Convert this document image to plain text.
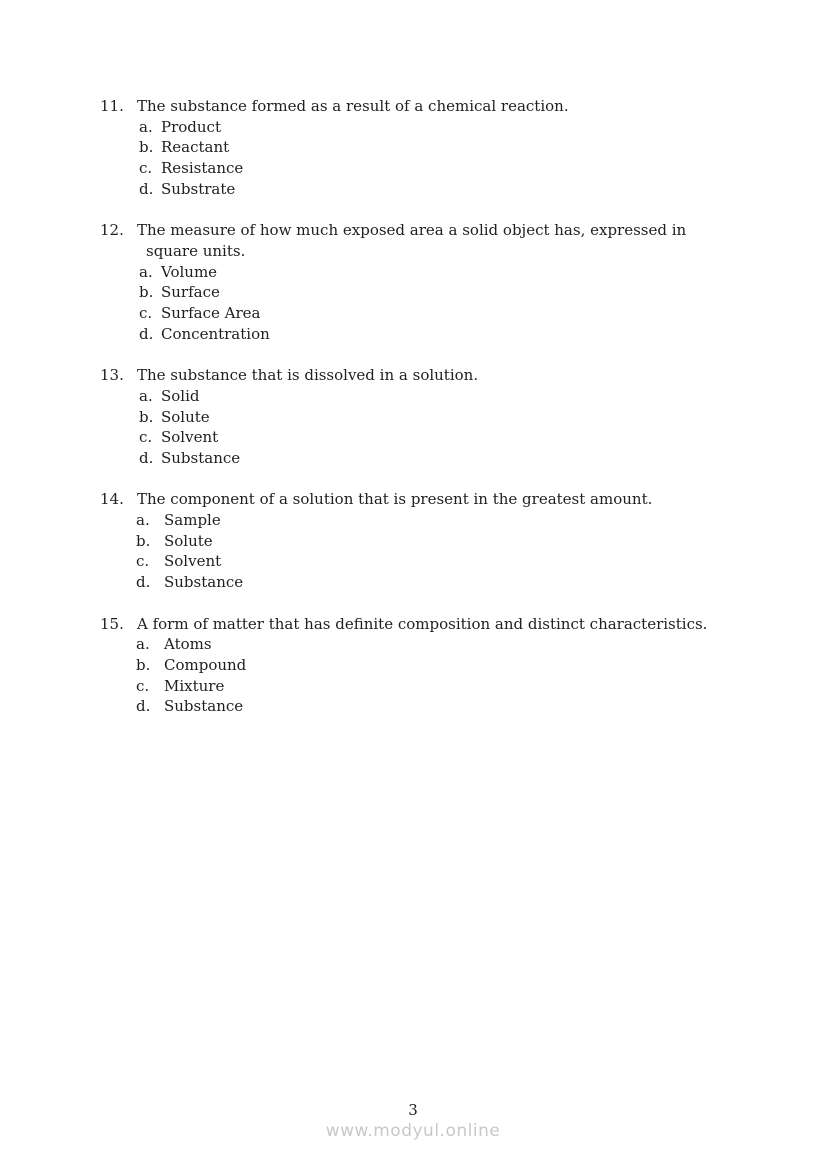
11. The substance formed as a result of a chemical reaction.
a. Product
b. Reactant
c. Resistance
d. Substrate
12. The measure of how much exposed area a solid object has, expressed in
square units.
a. Volume
b. Surface
c. Surface Area
d. Concentration
13. The substance that is dissolved in a solution.
a. Solid
b. Solute
c. Solvent
d. Substance
14. The component of a solution that is present in the greatest amount.
a. Sample
b. Solute
c. Solvent
d. Substance
15. A form of matter that has definite composition and distinct characteristics.
a. Atoms
b. Compound
c. Mixture
d. Substance
3
www.modyul.online
